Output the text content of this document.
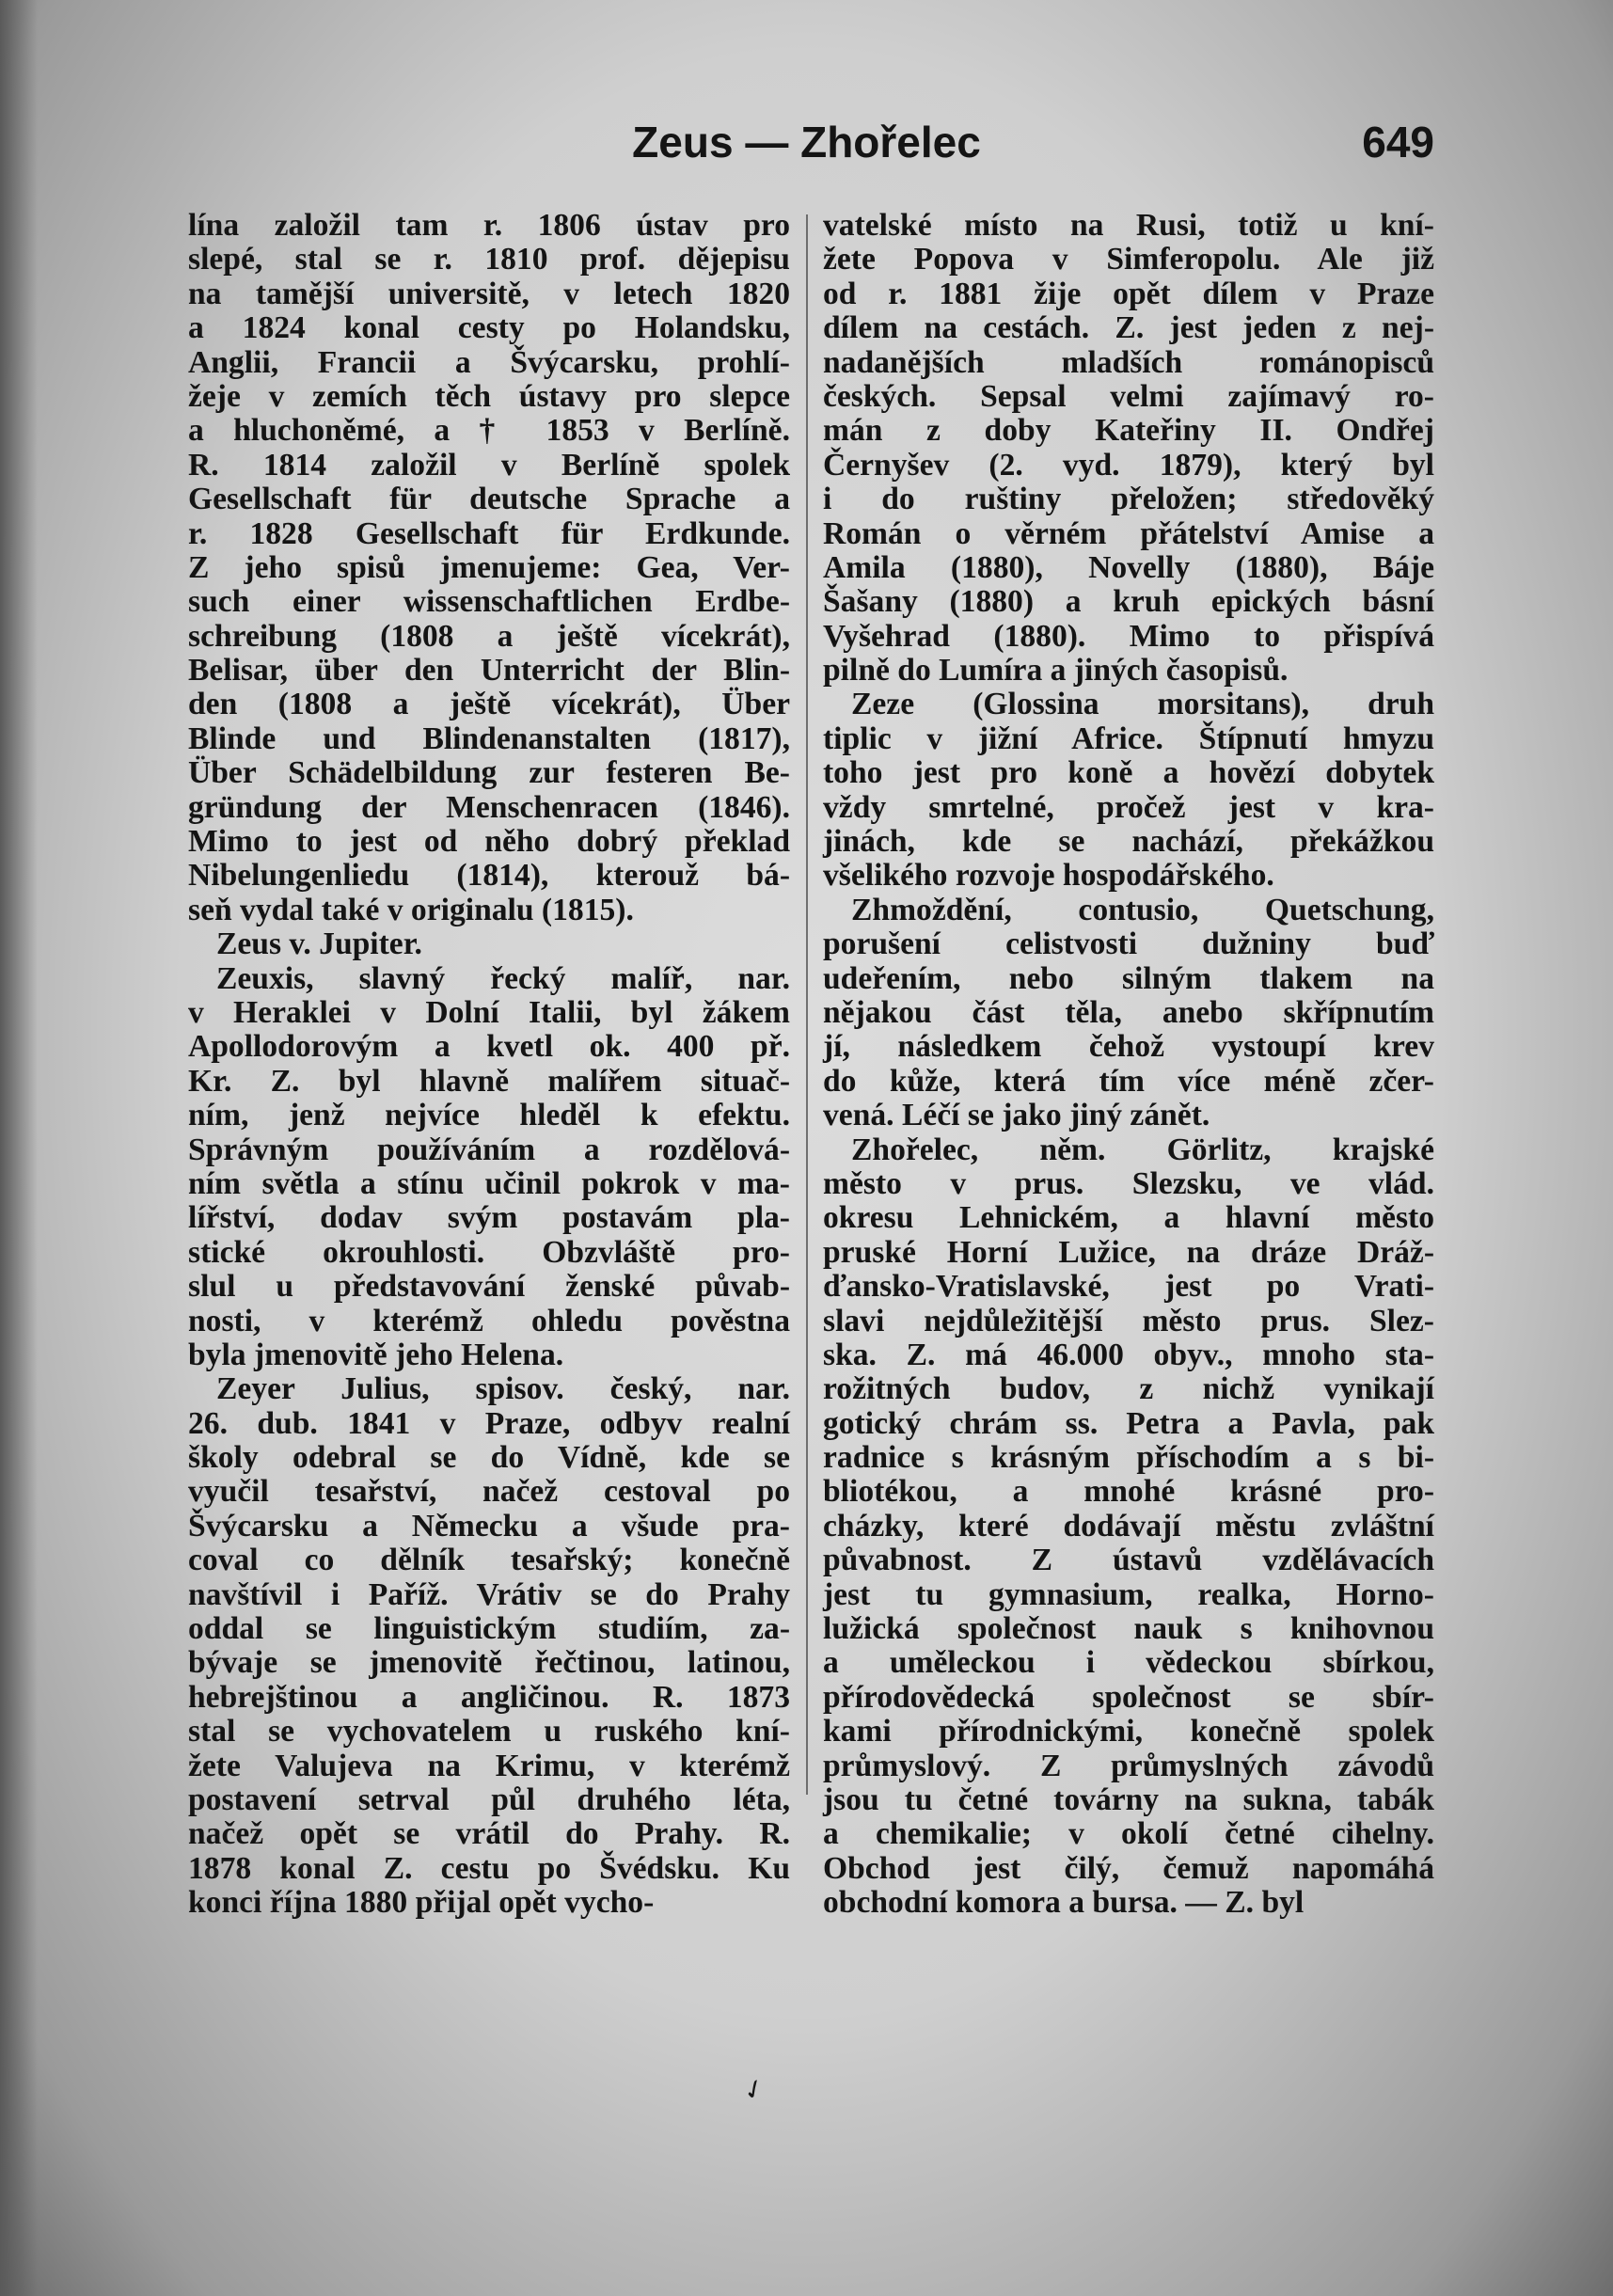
Zeus — Zhořelec	649
lína založil tam r. 1806 ústav pro
slepé, stal se r. 1810 prof. dějepisu
na tamější universitě, v letech 1820
a 1824 konal cesty po Holandsku,
Anglii, Francii a Švýcarsku, prohlí-
žeje v zemích těch ústavy pro slepce
a hluchoněmé, a † 1853 v Berlíně.
R. 1814 založil v Berlíně spolek
Gesellschaft für deutsche Sprache a
r. 1828 Gesellschaft für Erdkunde.
Z jeho spisů jmenujeme: Gea, Ver-
such einer wissenschaftlichen Erdbe-
schreibung (1808 a ještě vícekrát),
Belisar, über den Unterricht der Blin-
den (1808 a ještě vícekrát), Über
Blinde und Blindenanstalten (1817),
Über Schädelbildung zur festeren Be-
gründung der Menschenracen (1846).
Mimo to jest od něho dobrý překlad
Nibelungenliedu (1814), kterouž bá-
seň vydal také v originalu (1815).
Zeus v. Jupiter.
Zeuxis, slavný řecký malíř, nar.
v Heraklei v Dolní Italii, byl žákem
Apollodorovým a kvetl ok. 400 př.
Kr. Z. byl hlavně malířem situač-
ním, jenž nejvíce hleděl k efektu.
Správným používáním a rozdělová-
ním světla a stínu učinil pokrok v ma-
lířství, dodav svým postavám pla-
stické okrouhlosti. Obzvláště pro-
slul u představování ženské půvab-
nosti, v kterémž ohledu pověstna
byla jmenovitě jeho Helena.
Zeyer Julius, spisov. český, nar.
26. dub. 1841 v Praze, odbyv realní
školy odebral se do Vídně, kde se
vyučil tesařství, načež cestoval po
Švýcarsku a Německu a všude pra-
coval co dělník tesařský; konečně
navštívil i Paříž. Vrátiv se do Prahy
oddal se linguistickým studiím, za-
bývaje se jmenovitě řečtinou, latinou,
hebrejštinou a angličinou. R. 1873
stal se vychovatelem u ruského kní-
žete Valujeva na Krimu, v kterémž
postavení setrval půl druhého léta,
načež opět se vrátil do Prahy. R.
1878 konal Z. cestu po Švédsku. Ku
konci října 1880 přijal opět vycho-
vatelské místo na Rusi, totiž u kní-
žete Popova v Simferopolu. Ale již
od r. 1881 žije opět dílem v Praze
dílem na cestách. Z. jest jeden z nej-
nadanějších mladších románopisců
českých. Sepsal velmi zajímavý ro-
mán z doby Kateřiny II. Ondřej
Černyšev (2. vyd. 1879), který byl
i do ruštiny přeložen; středověký
Román o věrném přátelství Amise a
Amila (1880), Novelly (1880), Báje
Šašany (1880) a kruh epických básní
Vyšehrad (1880). Mimo to přispívá
pilně do Lumíra a jiných časopisů.
Zeze (Glossina morsitans), druh
tiplic v jižní Africe. Štípnutí hmyzu
toho jest pro koně a hovězí dobytek
vždy smrtelné, pročež jest v kra-
jinách, kde se nachází, překážkou
všelikého rozvoje hospodářského.
Zhmoždění, contusio, Quetschung,
porušení celistvosti dužniny buď
udeřením, nebo silným tlakem na
nějakou část těla, anebo skřípnutím
jí, následkem čehož vystoupí krev
do kůže, která tím více méně zčer-
vená. Léčí se jako jiný zánět.
Zhořelec, něm. Görlitz, krajské
město v prus. Slezsku, ve vlád.
okresu Lehnickém, a hlavní město
pruské Horní Lužice, na dráze Dráž-
ďansko-Vratislavské, jest po Vrati-
slavi nejdůležitější město prus. Slez-
ska. Z. má 46.000 obyv., mnoho sta-
rožitných budov, z nichž vynikají
gotický chrám ss. Petra a Pavla, pak
radnice s krásným příschodím a s bi-
bliotékou, a mnohé krásné pro-
cházky, které dodávají městu zvláštní
půvabnost. Z ústavů vzdělávacích
jest tu gymnasium, realka, Horno-
lužická společnost nauk s knihovnou
a uměleckou i vědeckou sbírkou,
přírodovědecká společnost se sbír-
kami přírodnickými, konečně spolek
průmyslový. Z průmyslných závodů
jsou tu četné továrny na sukna, tabák
a chemikalie; v okolí četné cihelny.
Obchod jest čilý, čemuž napomáhá
obchodní komora a bursa. — Z. byl
✓
